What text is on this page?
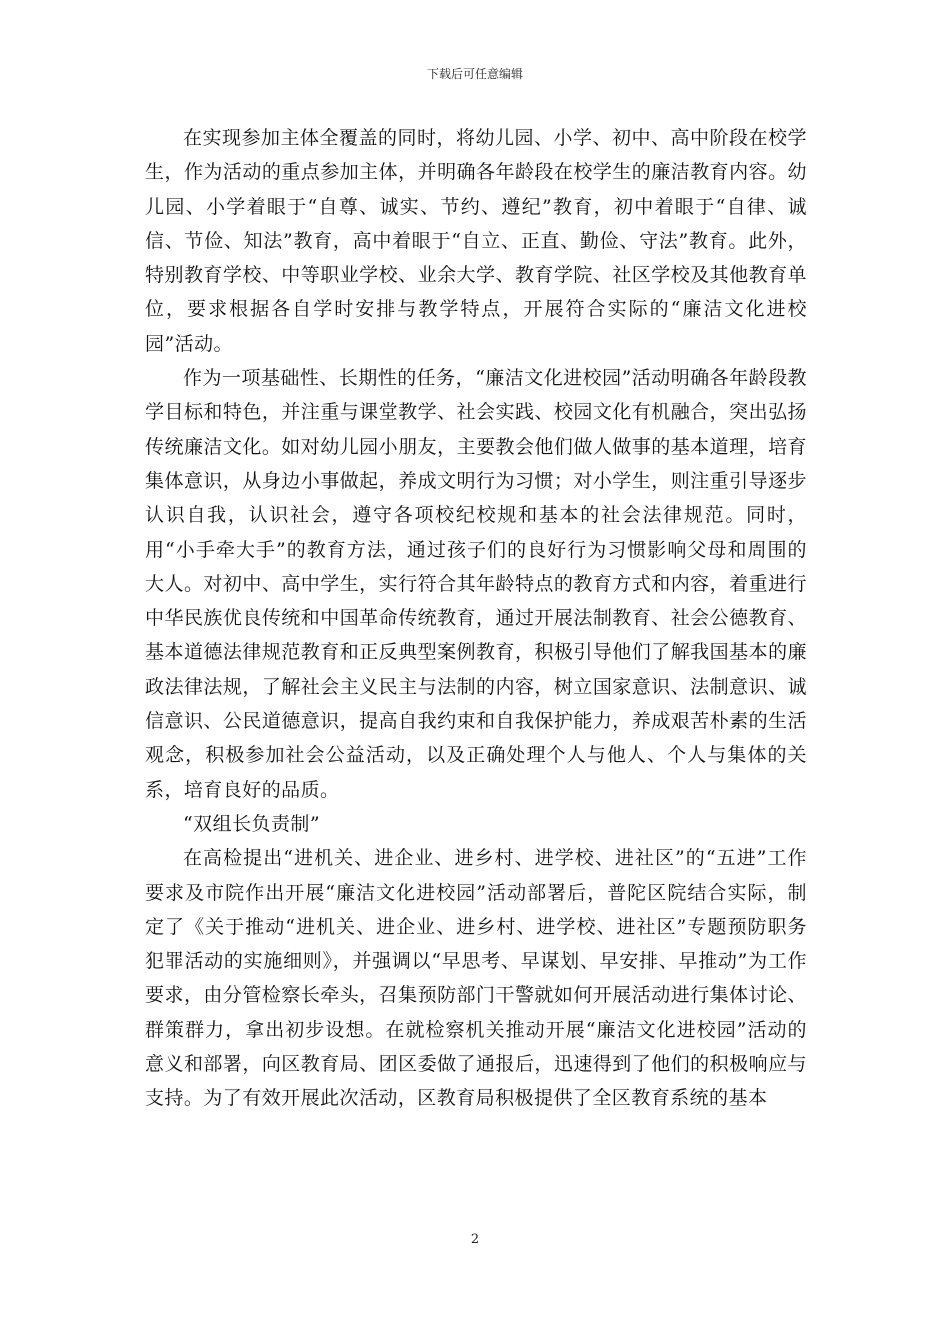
下载后可任意编辑

在实现参加主体全覆盖的同时，将幼儿园、小学、初中、高中阶段在校学生，作为活动的重点参加主体，并明确各年龄段在校学生的廉洁教育内容。幼儿园、小学着眼于“自尊、诚实、节约、遵纪”教育，初中着眼于“自律、诚信、节俭、知法”教育，高中着眼于“自立、正直、勤俭、守法”教育。此外，特别教育学校、中等职业学校、业余大学、教育学院、社区学校及其他教育单位，要求根据各自学时安排与教学特点，开展符合实际的“廉洁文化进校园”活动。

作为一项基础性、长期性的任务，“廉洁文化进校园”活动明确各年龄段教学目标和特色，并注重与课堂教学、社会实践、校园文化有机融合，突出弘扬传统廉洁文化。如对幼儿园小朋友，主要教会他们做人做事的基本道理，培育集体意识，从身边小事做起，养成文明行为习惯；对小学生，则注重引导逐步认识自我，认识社会，遵守各项校纪校规和基本的社会法律规范。同时，用“小手牵大手”的教育方法，通过孩子们的良好行为习惯影响父母和周围的大人。对初中、高中学生，实行符合其年龄特点的教育方式和内容，着重进行中华民族优良传统和中国革命传统教育，通过开展法制教育、社会公德教育、基本道德法律规范教育和正反典型案例教育，积极引导他们了解我国基本的廉政法律法规，了解社会主义民主与法制的内容，树立国家意识、法制意识、诚信意识、公民道德意识，提高自我约束和自我保护能力，养成艰苦朴素的生活观念，积极参加社会公益活动，以及正确处理个人与他人、个人与集体的关系，培育良好的品质。

“双组长负责制”

在高检提出“进机关、进企业、进乡村、进学校、进社区”的“五进”工作要求及市院作出开展“廉洁文化进校园”活动部署后，普陀区院结合实际，制定了《关于推动“进机关、进企业、进乡村、进学校、进社区”专题预防职务犯罪活动的实施细则》，并强调以“早思考、早谋划、早安排、早推动”为工作要求，由分管检察长牵头，召集预防部门干警就如何开展活动进行集体讨论、群策群力，拿出初步设想。在就检察机关推动开展“廉洁文化进校园”活动的意义和部署，向区教育局、团区委做了通报后，迅速得到了他们的积极响应与支持。为了有效开展此次活动，区教育局积极提供了全区教育系统的基本

2
